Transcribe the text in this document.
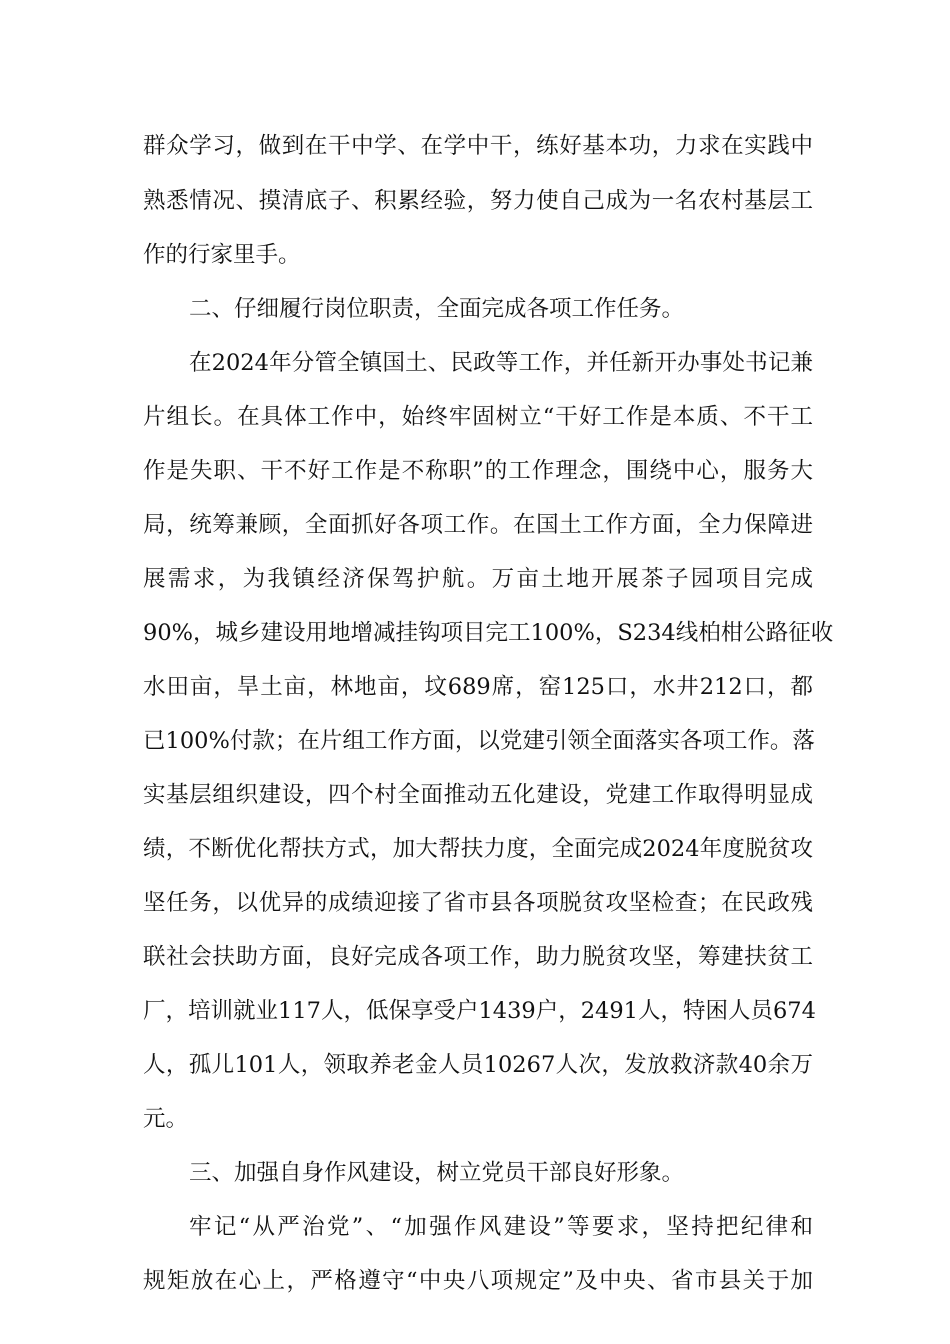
群众学习，做到在干中学、在学中干，练好基本功，力求在实践中
熟悉情况、摸清底子、积累经验，努力使自己成为一名农村基层工
作的行家里手。
二、仔细履行岗位职责，全面完成各项工作任务。
在2024年分管全镇国土、民政等工作，并任新开办事处书记兼
片组长。在具体工作中，始终牢固树立“干好工作是本质、不干工
作是失职、干不好工作是不称职”的工作理念，围绕中心，服务大
局，统筹兼顾，全面抓好各项工作。在国土工作方面，全力保障进
展需求，为我镇经济保驾护航。万亩土地开展茶子园项目完成
90%，城乡建设用地增减挂钩项目完工100%，S234线柏柑公路征收
水田亩，旱土亩，林地亩，坟689席，窑125口，水井212口，都
已100%付款；在片组工作方面，以党建引领全面落实各项工作。落
实基层组织建设，四个村全面推动五化建设，党建工作取得明显成
绩，不断优化帮扶方式，加大帮扶力度，全面完成2024年度脱贫攻
坚任务，以优异的成绩迎接了省市县各项脱贫攻坚检查；在民政残
联社会扶助方面，良好完成各项工作，助力脱贫攻坚，筹建扶贫工
厂，培训就业117人，低保享受户1439户，2491人，特困人员674
人，孤儿101人，领取养老金人员10267人次，发放救济款40余万
元。
三、加强自身作风建设，树立党员干部良好形象。
牢记“从严治党”、“加强作风建设”等要求，坚持把纪律和
规矩放在心上，严格遵守“中央八项规定”及中央、省市县关于加
